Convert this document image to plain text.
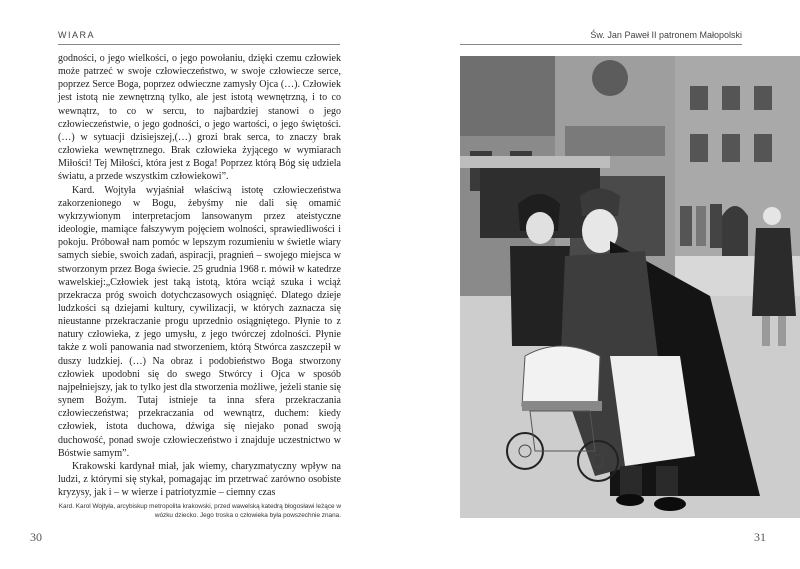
WIARA

godności, o jego wielkości, o jego powołaniu, dzięki czemu człowiek może patrzeć w swoje człowieczeństwo, w swoje człowiecze serce, poprzez Serce Boga, poprzez odwieczne zamysły Ojca (…). Człowiek jest istotą nie zewnętrzną tylko, ale jest istotą wewnętrzną, i to co wewnątrz, to co w sercu, to najbardziej stanowi o jego człowieczeństwie, o jego godności, o jego wartości, o jego świętości. (…) w sytuacji dzisiejszej,(…) grozi brak serca, to znaczy brak człowieka wewnętrznego. Brak człowieka żyjącego w wymiarach Miłości! Tej Miłości, która jest z Boga! Poprzez którą Bóg się udziela światu, a przede wszystkim człowiekowi”.

Kard. Wojtyła wyjaśniał właściwą istotę człowieczeństwa zakorzenionego w Bogu, żebyśmy nie dali się omamić wykrzywionym interpretacjom lansowanym przez ateistyczne ideologie, mamiące fałszywym pojęciem wolności, sprawiedliwości i pokoju. Próbował nam pomóc w lepszym rozumieniu w świetle wiary samych siebie, swoich zadań, aspiracji, pragnień – swojego miejsca w stworzonym przez Boga świecie. 25 grudnia 1968 r. mówił w katedrze wawelskiej:„Człowiek jest taką istotą, która wciąż szuka i wciąż przekracza próg swoich dotychczasowych osiągnięć. Dlatego dzieje ludzkości są dziejami kultury, cywilizacji, w których zaznacza się nieustanne przekraczanie progu uprzednio osiągniętego. Płynie to z natury człowieka, z jego umysłu, z jego twórczej zdolności. Płynie także z woli panowania nad stworzeniem, którą Stwórca zaszczepił w duszy ludzkiej. (…) Na obraz i podobieństwo Boga stworzony człowiek upodobni się do swego Stwórcy i Ojca w sposób najpełniejszy, jak to tylko jest dla stworzenia możliwe, jeżeli stanie się synem Bożym. Tutaj istnieje ta inna sfera przekraczania człowieczeństwa; przekraczania od wewnątrz, duchem: kiedy człowiek, istota duchowa, dźwiga się niejako ponad swoją duchowość, ponad swoje człowieczeństwo i znajduje uczestnictwo w Bóstwie samym”.

Krakowski kardynał miał, jak wiemy, charyzmatyczny wpływ na ludzi, z którymi się stykał, pomagając im przetrwać zarówno osobiste kryzysy, jak i – w wierze i patriotyzmie – ciemny czas

Kard. Karol Wojtyła, arcybiskup metropolita krakowski, przed wawelską katedrą błogosławi leżące w wózku dziecko. Jego troska o człowieka była powszechnie znana.
30
Św. Jan Paweł II patronem Małopolski
31
